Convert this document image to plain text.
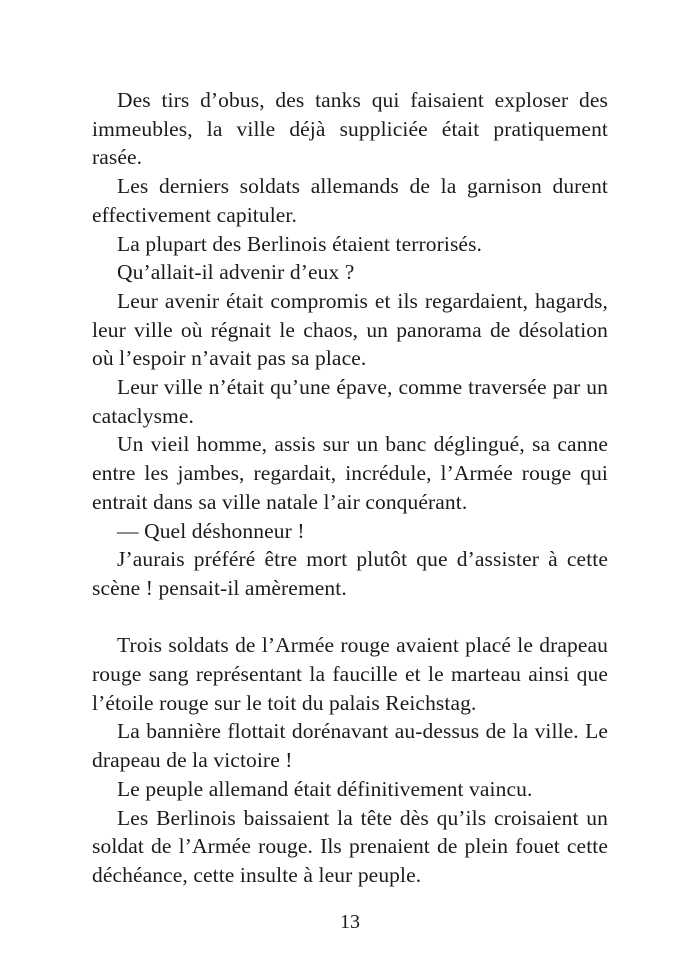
Des tirs d’obus, des tanks qui faisaient exploser des immeubles, la ville déjà suppliciée était pratiquement rasée.

Les derniers soldats allemands de la garnison durent effectivement capituler.

La plupart des Berlinois étaient terrorisés.

Qu’allait-il advenir d’eux ?

Leur avenir était compromis et ils regardaient, hagards, leur ville où régnait le chaos, un panorama de désolation où l’espoir n’avait pas sa place.

Leur ville n’était qu’une épave, comme traversée par un cataclysme.

Un vieil homme, assis sur un banc déglingué, sa canne entre les jambes, regardait, incrédule, l’Armée rouge qui entrait dans sa ville natale l’air conquérant.

— Quel déshonneur !

J’aurais préféré être mort plutôt que d’assister à cette scène ! pensait-il amèrement.

Trois soldats de l’Armée rouge avaient placé le drapeau rouge sang représentant la faucille et le marteau ainsi que l’étoile rouge sur le toit du palais Reichstag.

La bannière flottait dorénavant au-dessus de la ville. Le drapeau de la victoire !

Le peuple allemand était définitivement vaincu.

Les Berlinois baissaient la tête dès qu’ils croisaient un soldat de l’Armée rouge. Ils prenaient de plein fouet cette déchéance, cette insulte à leur peuple.

13
